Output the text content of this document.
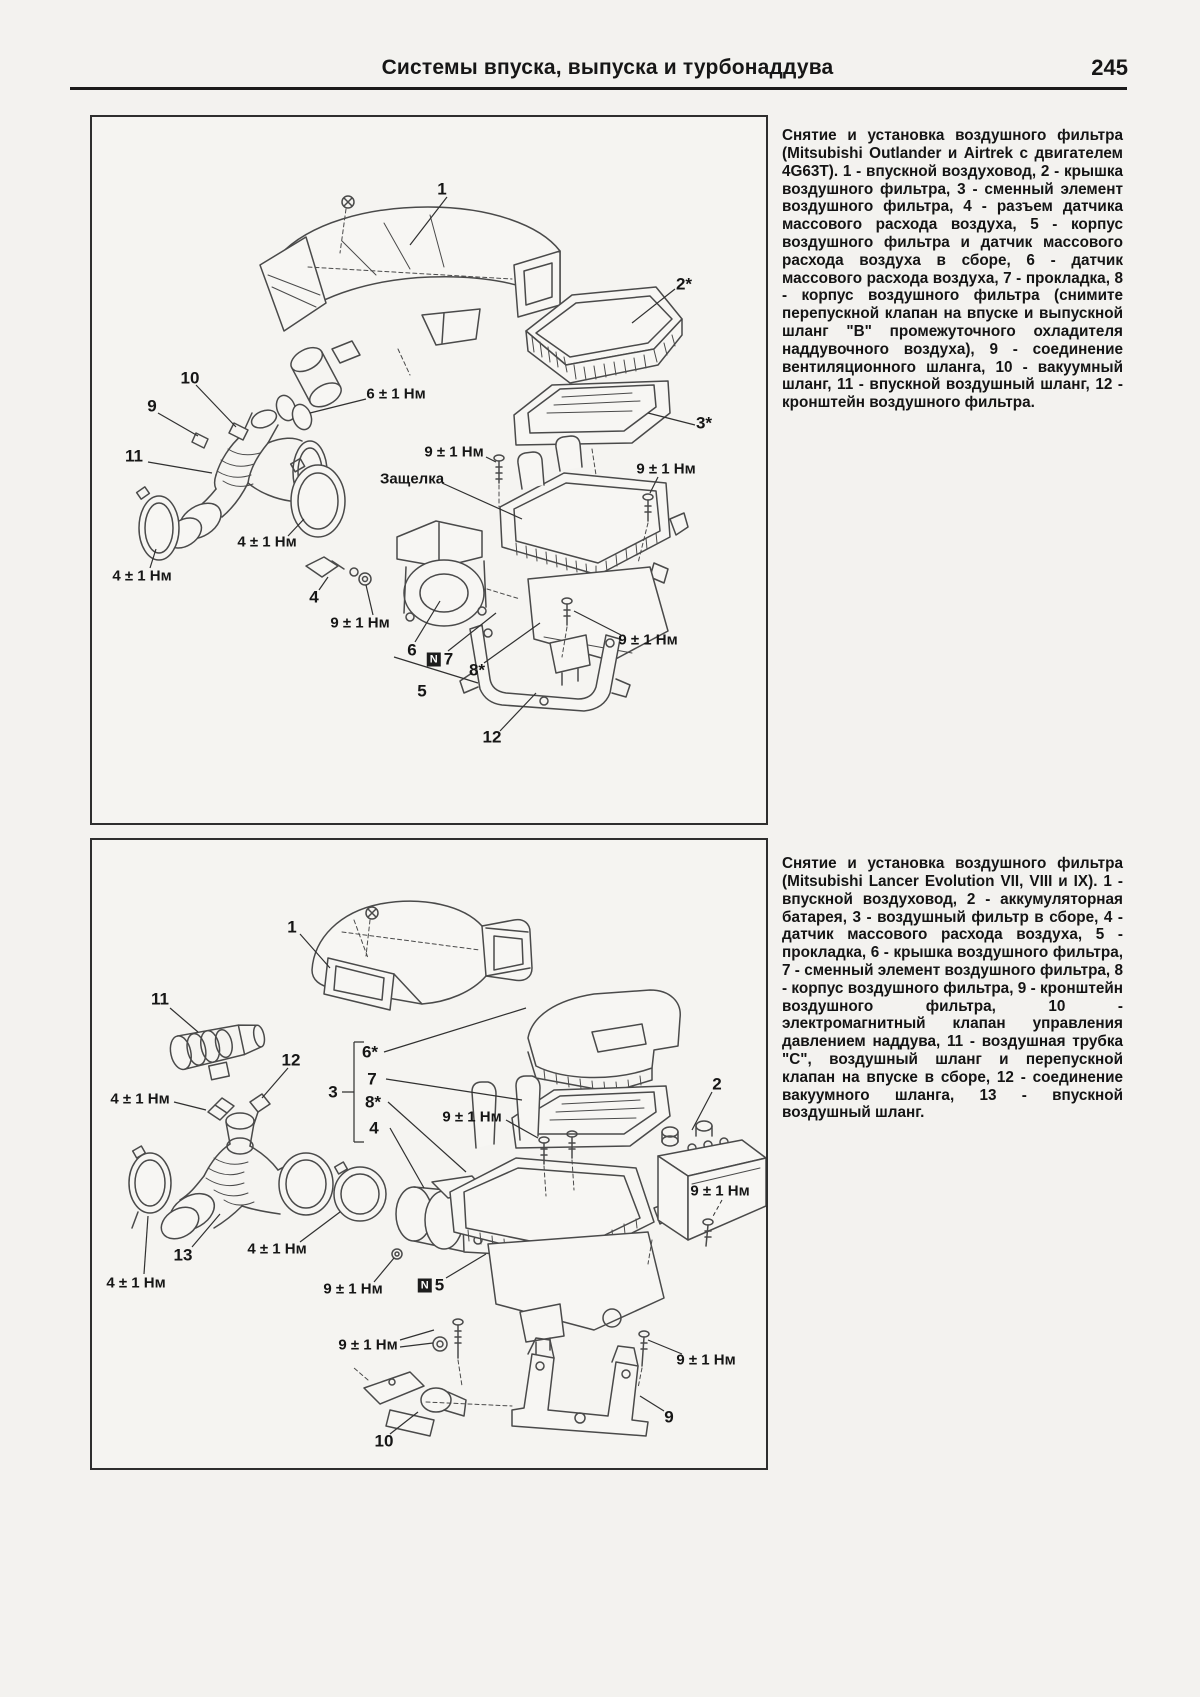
Системы впуска, выпуска и турбонаддува	245
1
2*
3*
10
9
11
6 ± 1 Нм
9 ± 1 Нм
Защелка
9 ± 1 Нм
4 ± 1 Нм
4 ± 1 Нм
4
9 ± 1 Нм
6 N 7
8*
5
9 ± 1 Нм
12

Снятие и установка воздушного фильтра (Mitsubishi Outlander и Airtrek с двигателем 4G63T). 1 - впускной воздуховод, 2 - крышка воздушного фильтра, 3 - сменный элемент воздушного фильтра, 4 - разъем датчика массового расхода воздуха, 5 - корпус воздушного фильтра и датчик массового расхода воздуха в сборе, 6 - датчик массового расхода воздуха, 7 - прокладка, 8 - корпус воздушного фильтра (снимите перепускной клапан на впуске и выпускной шланг "В" промежуточного охладителя наддувочного воздуха), 9 - соединение вентиляционного шланга, 10 - вакуумный шланг, 11 - впускной воздушный шланг, 12 - кронштейн воздушного фильтра.

1
11
12
4 ± 1 Нм	3
6*
7
8*
4
9 ± 1 Нм
2
9 ± 1 Нм
13	4 ± 1 Нм
4 ± 1 Нм	9 ± 1 Нм	N 5
9 ± 1 Нм
9 ± 1 Нм
10
9

Снятие и установка воздушного фильтра (Mitsubishi Lancer Evolution VII, VIII и IX). 1 - впускной воздуховод, 2 - аккумуляторная батарея, 3 - воздушный фильтр в сборе, 4 - датчик массового расхода воздуха, 5 - прокладка, 6 - крышка воздушного фильтра, 7 - сменный элемент воздушного фильтра, 8 - корпус воздушного фильтра, 9 - кронштейн воздушного фильтра, 10 - электромагнитный клапан управления давлением наддува, 11 - воздушная трубка "С", воздушный шланг и перепускной клапан на впуске в сборе, 12 - соединение вакуумного шланга, 13 - впускной воздушный шланг.
